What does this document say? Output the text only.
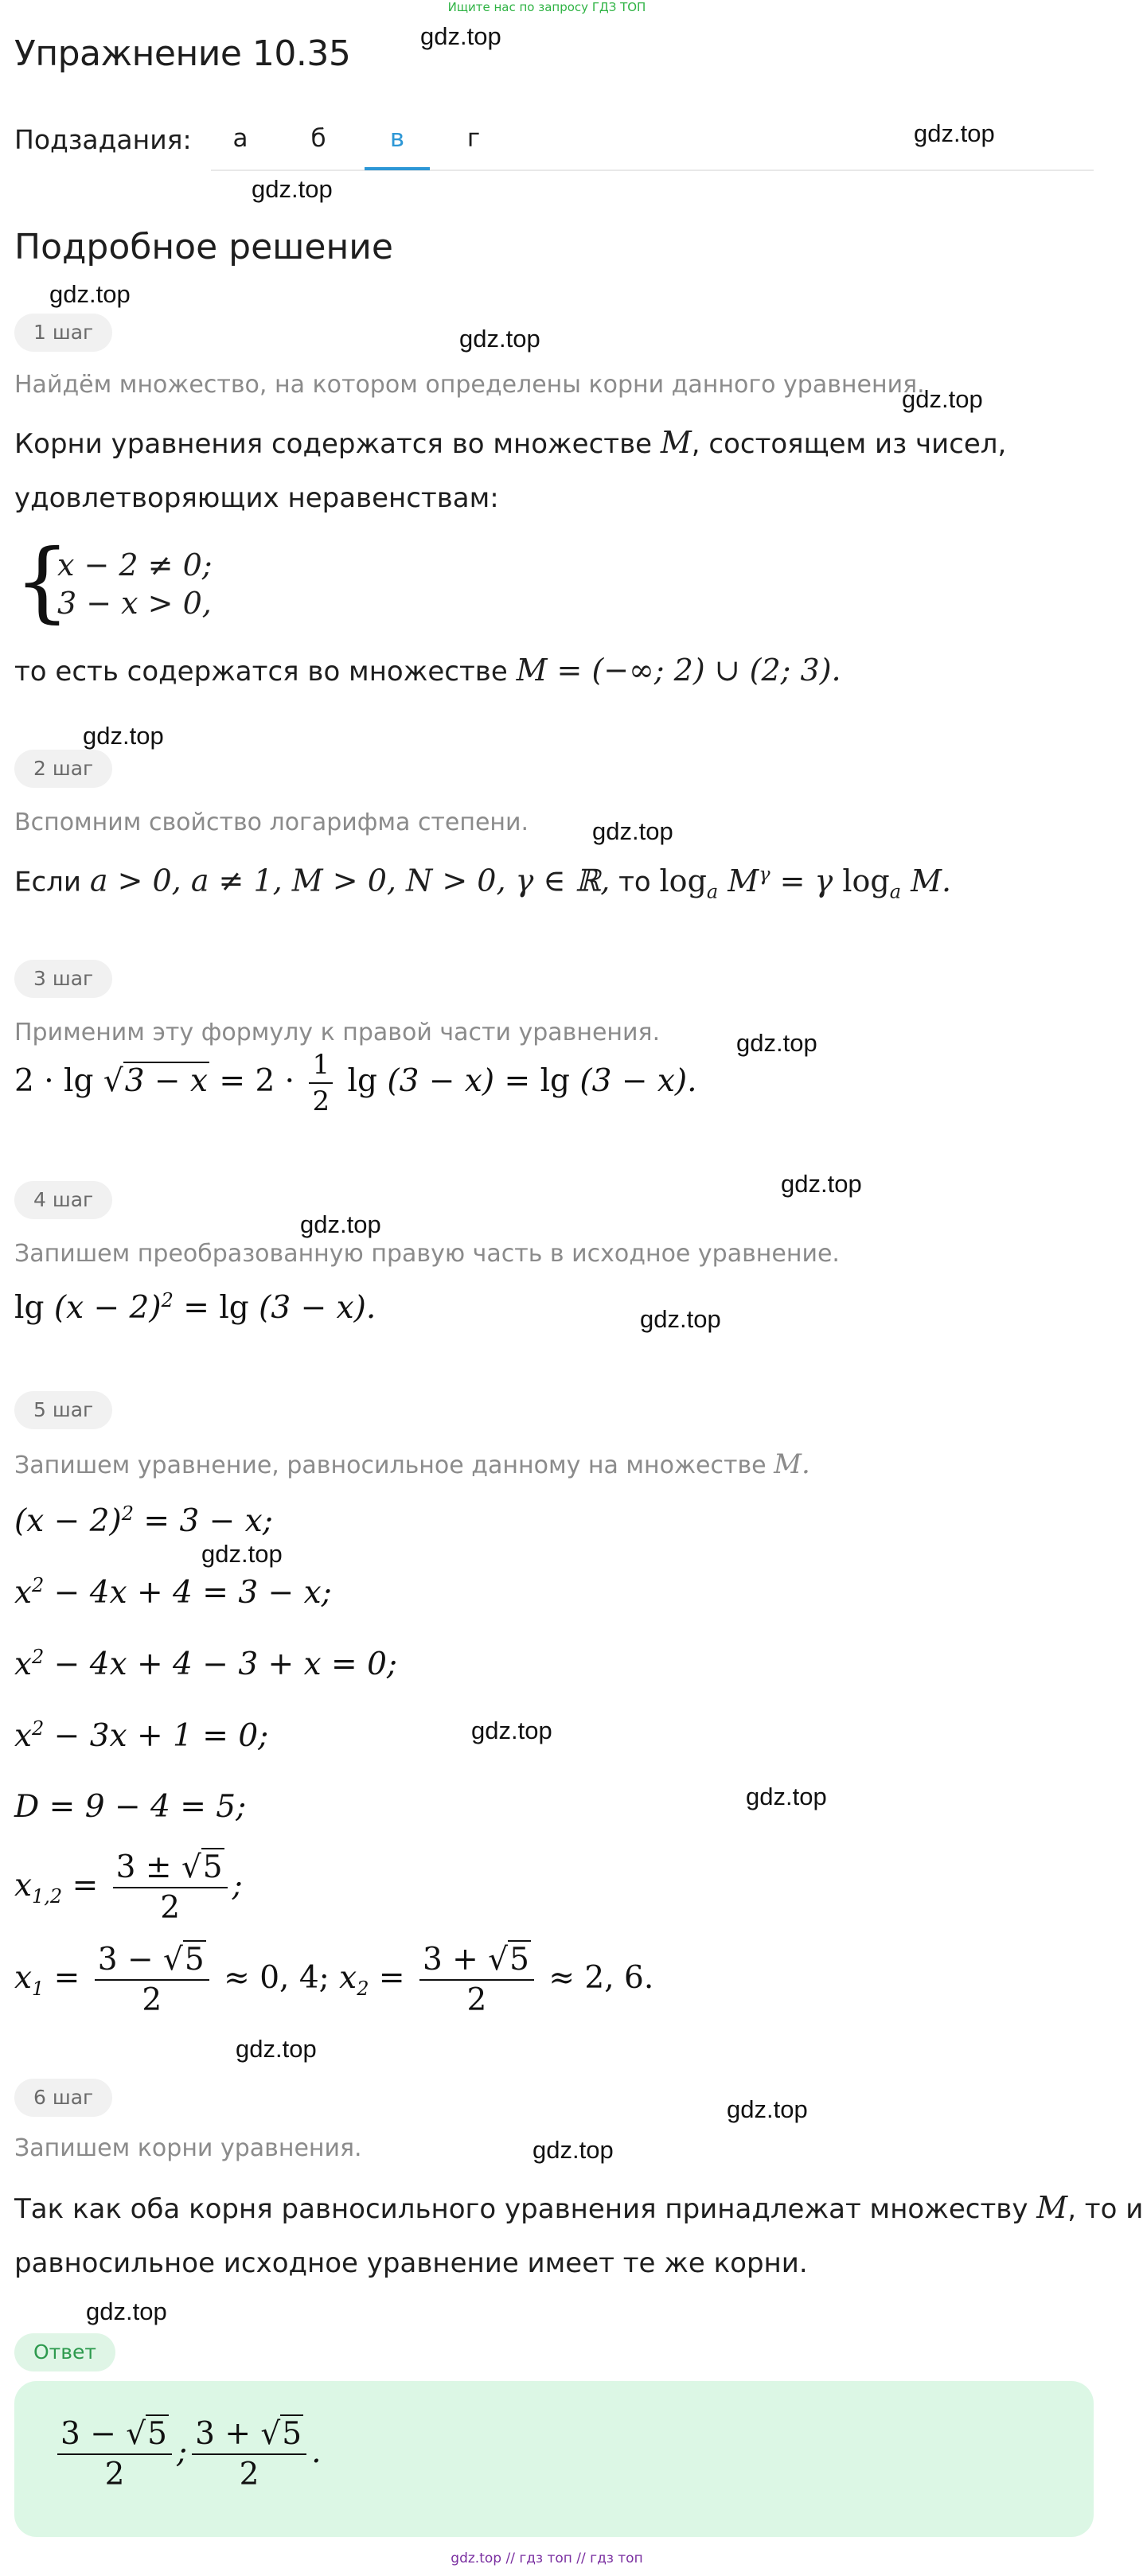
Ищите нас по запросу ГДЗ ТОП
Упражнение 10.35
Подзадания:	а	б	в	г
Подробное решение
gdz.top
gdz.top
gdz.top
gdz.top
gdz.top
gdz.top
gdz.top
gdz.top
gdz.top
gdz.top
gdz.top
gdz.top
gdz.top
gdz.top
gdz.top
gdz.top
gdz.top
gdz.top
gdz.top
1 шаг
Найдём множество, на котором определены корни данного уравнения.
Корни уравнения содержатся во множестве M, состоящем из чисел,
удовлетворяющих неравенствам:
{
x − 2 ≠ 0;
3 − x > 0,
то есть содержатся во множестве M = (−∞; 2) ∪ (2; 3).
2 шаг
Вспомним свойство логарифма степени.
Если a > 0, a ≠ 1, M > 0, N > 0, γ ∈ ℝ, то $\log_a M^\gamma = \gamma$ $\log_a M$.
3 шаг
Применим эту формулу к правой части уравнения.
$2 \cdot \lg √3 - x = 2 \cdot \frac{1}{2}$ lg (3 − x) = lg (3 − x).
4 шаг
Запишем преобразованную правую часть в исходное уравнение.
$\lg (x - 2)^2 = \lg (3 - x)$.
5 шаг
Запишем уравнение, равносильное данному на множестве M.
$(x - 2)^2 = 3 - x$;
$x^2 - 4x + 4 = 3 - x$;
$x^2 - 4x + 4 - 3 + x = 0$;
$x^2 - 3x + 1 = 0$;
D = 9 − 4 = 5;
$x_{1,2} = \frac{3 \pm √5}{2}$ ;
$x_1 = \frac{3 - √5}{2} \approx 0$, 4; $x_2 = \frac{3 + √5}{2} \approx 2$, 6.
6 шаг
Запишем корни уравнения.
Так как оба корня равносильного уравнения принадлежат множеству M, то и
равносильное исходное уравнение имеет те же корни.
Ответ
$\frac{3 - √5}{2}$ ; $\frac{3 + √5}{2}$ .
gdz.top // гдз топ // гдз топ
